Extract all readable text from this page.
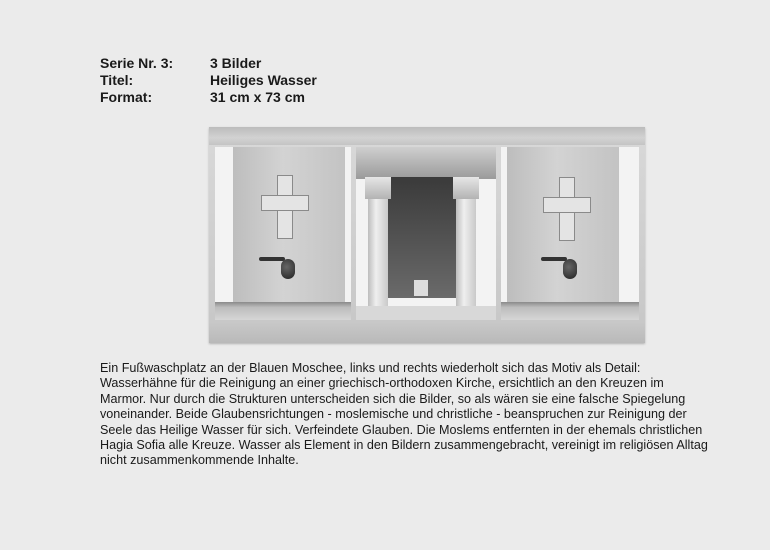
Serie Nr. 3:	3 Bilder
Titel:	Heiliges Wasser
Format:	31 cm x 73 cm

Ein Fußwaschplatz an der Blauen Moschee, links und rechts wiederholt sich das Motiv als Detail: Wasserhähne für die Reinigung an einer griechisch-orthodoxen Kirche, ersichtlich an den Kreuzen im Marmor. Nur durch die Strukturen unterscheiden sich die Bilder, so als wären sie eine falsche Spiegelung voneinander. Beide Glaubensrichtungen - moslemische und christliche - beanspruchen zur Reinigung der Seele das Heilige Wasser für sich. Verfeindete Glauben. Die Moslems entfernten in der ehemals christlichen Hagia Sofia alle Kreuze. Wasser als Element in den Bildern zusammengebracht, vereinigt im religiösen Alltag nicht zusammenkommende Inhalte.
